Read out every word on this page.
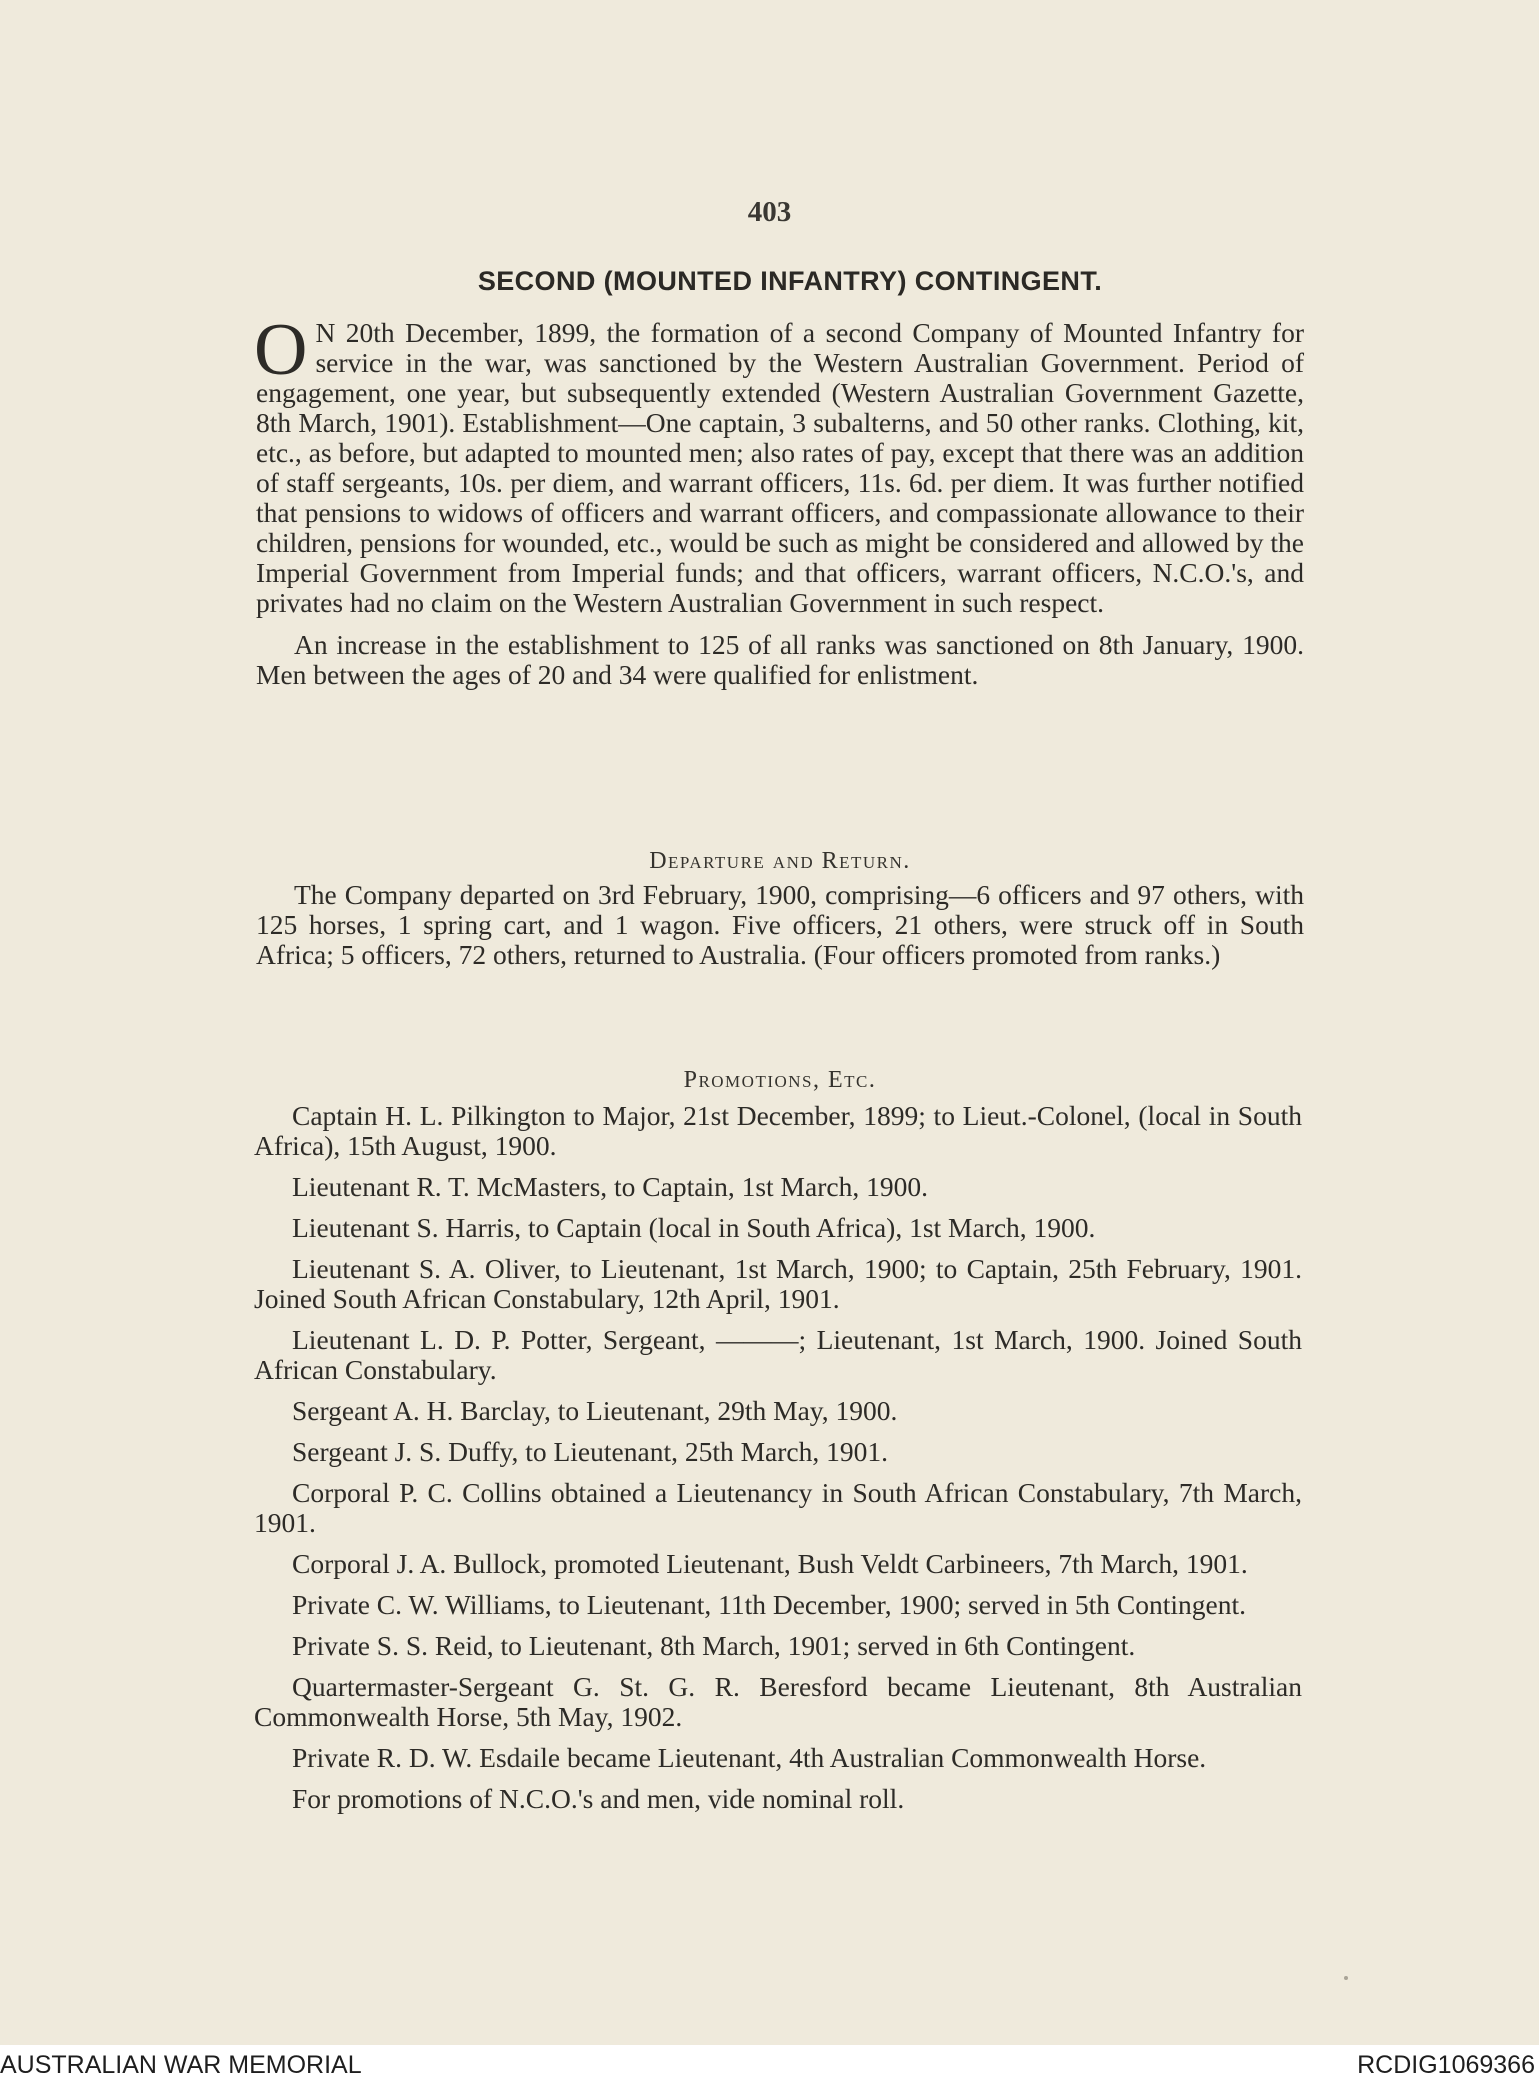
403
SECOND (MOUNTED INFANTRY) CONTINGENT.

O N 20th December, 1899, the formation of a second Company of Mounted Infantry for service in the war, was sanctioned by the Western Australian Government. Period of engagement, one year, but subsequently extended (Western Australian Government Gazette, 8th March, 1901). Establishment—One captain, 3 subalterns, and 50 other ranks. Clothing, kit, etc., as before, but adapted to mounted men; also rates of pay, except that there was an addition of staff sergeants, 10s. per diem, and warrant officers, 11s. 6d. per diem. It was further notified that pensions to widows of officers and warrant officers, and compassionate allowance to their children, pensions for wounded, etc., would be such as might be considered and allowed by the Imperial Government from Imperial funds; and that officers, warrant officers, N.C.O.'s, and privates had no claim on the Western Australian Government in such respect.

An increase in the establishment to 125 of all ranks was sanctioned on 8th January, 1900. Men between the ages of 20 and 34 were qualified for enlistment.

Departure and Return.

The Company departed on 3rd February, 1900, comprising—6 officers and 97 others, with 125 horses, 1 spring cart, and 1 wagon. Five officers, 21 others, were struck off in South Africa; 5 officers, 72 others, returned to Australia. (Four officers promoted from ranks.)

Promotions, Etc.

Captain H. L. Pilkington to Major, 21st December, 1899; to Lieut.-Colonel, (local in South Africa), 15th August, 1900.

Lieutenant R. T. McMasters, to Captain, 1st March, 1900.

Lieutenant S. Harris, to Captain (local in South Africa), 1st March, 1900.

Lieutenant S. A. Oliver, to Lieutenant, 1st March, 1900; to Captain, 25th February, 1901. Joined South African Constabulary, 12th April, 1901.

Lieutenant L. D. P. Potter, Sergeant, ———; Lieutenant, 1st March, 1900. Joined South African Constabulary.

Sergeant A. H. Barclay, to Lieutenant, 29th May, 1900.

Sergeant J. S. Duffy, to Lieutenant, 25th March, 1901.

Corporal P. C. Collins obtained a Lieutenancy in South African Constabulary, 7th March, 1901.

Corporal J. A. Bullock, promoted Lieutenant, Bush Veldt Carbineers, 7th March, 1901.

Private C. W. Williams, to Lieutenant, 11th December, 1900; served in 5th Contingent.

Private S. S. Reid, to Lieutenant, 8th March, 1901; served in 6th Contingent.

Quartermaster-Sergeant G. St. G. R. Beresford became Lieutenant, 8th Australian Commonwealth Horse, 5th May, 1902.

Private R. D. W. Esdaile became Lieutenant, 4th Australian Commonwealth Horse.

For promotions of N.C.O.'s and men, vide nominal roll.

AUSTRALIAN WAR MEMORIAL	RCDIG1069366
